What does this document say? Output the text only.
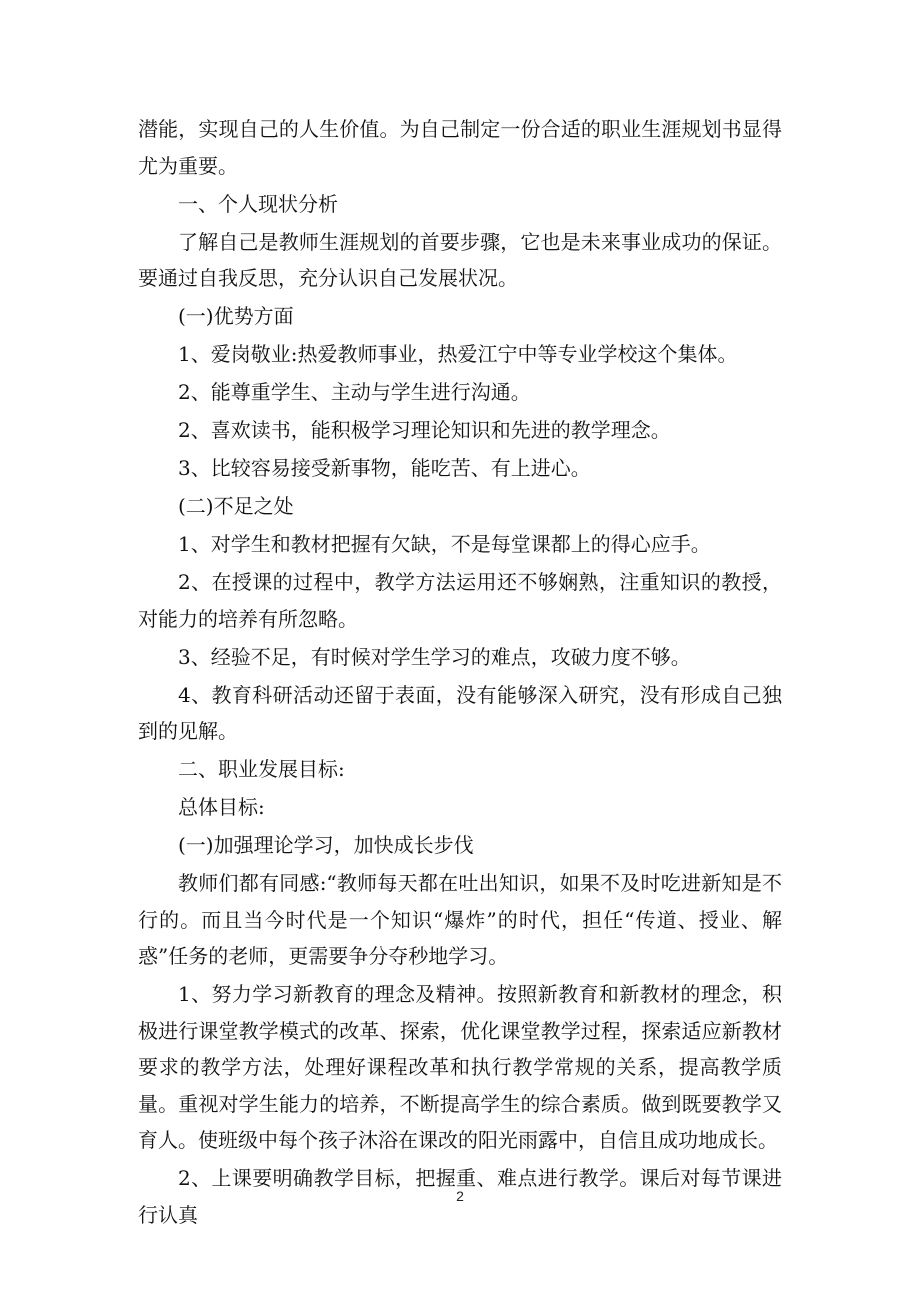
潜能，实现自己的人生价值。为自己制定一份合适的职业生涯规划书显得尤为重要。

一、个人现状分析

了解自己是教师生涯规划的首要步骤，它也是未来事业成功的保证。要通过自我反思，充分认识自己发展状况。

(一)优势方面

1、爱岗敬业:热爱教师事业，热爱江宁中等专业学校这个集体。

2、能尊重学生、主动与学生进行沟通。

2、喜欢读书，能积极学习理论知识和先进的教学理念。

3、比较容易接受新事物，能吃苦、有上进心。

(二)不足之处

1、对学生和教材把握有欠缺，不是每堂课都上的得心应手。

2、在授课的过程中，教学方法运用还不够娴熟，注重知识的教授，对能力的培养有所忽略。

3、经验不足，有时候对学生学习的难点，攻破力度不够。

4、教育科研活动还留于表面，没有能够深入研究，没有形成自己独到的见解。

二、职业发展目标:

总体目标:

(一)加强理论学习，加快成长步伐

教师们都有同感:“教师每天都在吐出知识，如果不及时吃进新知是不行的。而且当今时代是一个知识“爆炸”的时代，担任“传道、授业、解惑”任务的老师，更需要争分夺秒地学习。

1、努力学习新教育的理念及精神。按照新教育和新教材的理念，积极进行课堂教学模式的改革、探索，优化课堂教学过程，探索适应新教材要求的教学方法，处理好课程改革和执行教学常规的关系，提高教学质量。重视对学生能力的培养，不断提高学生的综合素质。做到既要教学又育人。使班级中每个孩子沐浴在课改的阳光雨露中，自信且成功地成长。

2、上课要明确教学目标，把握重、难点进行教学。课后对每节课进行认真

2
